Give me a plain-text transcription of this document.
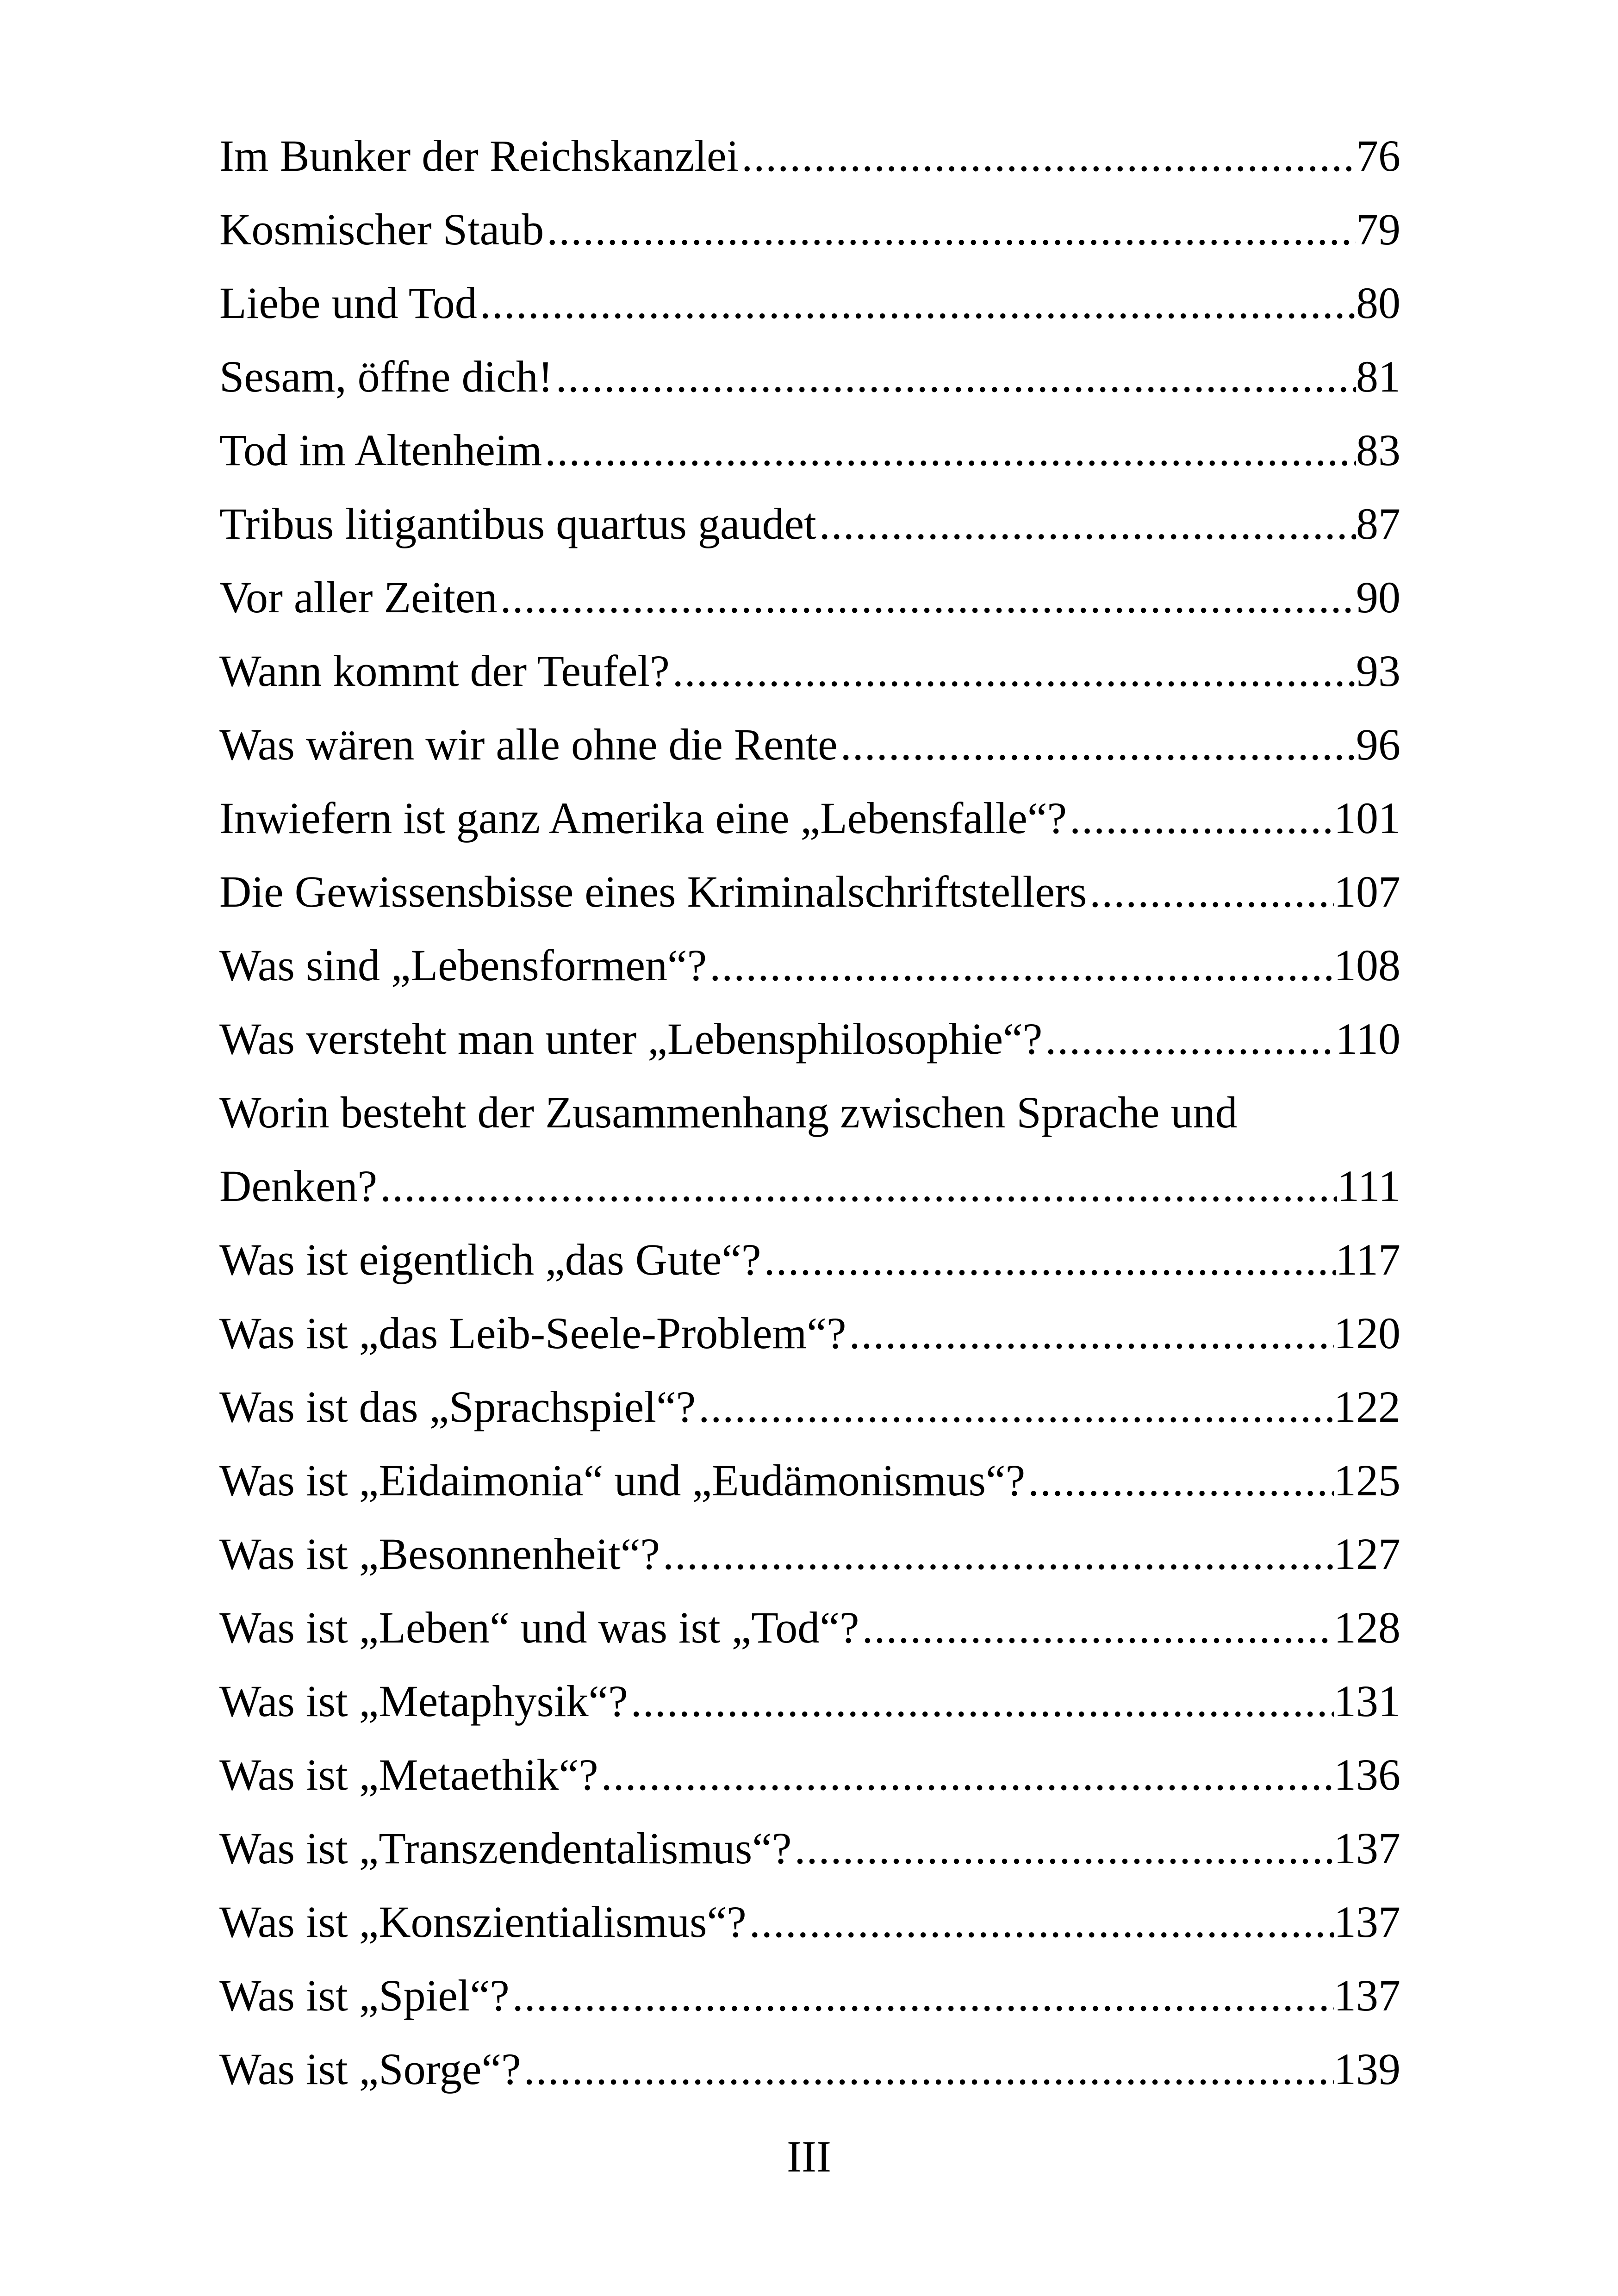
Im Bunker der Reichskanzlei .....	76
Kosmischer Staub .....	79
Liebe und Tod .....	80
Sesam, öffne dich! .....	81
Tod im Altenheim .....	83
Tribus litigantibus quartus gaudet .....	87
Vor aller Zeiten .....	90
Wann kommt der Teufel? .....	93
Was wären wir alle ohne die Rente .....	96
Inwiefern ist ganz Amerika eine „Lebensfalle“? .....	101
Die Gewissensbisse eines Kriminalschriftstellers .....	107
Was sind „Lebensformen“? .....	108
Was versteht man unter „Lebensphilosophie“? .....	110
Worin besteht der Zusammenhang zwischen Sprache und
Denken? .....	111
Was ist eigentlich „das Gute“? .....	117
Was ist „das Leib-Seele-Problem“? .....	120
Was ist das „Sprachspiel“? .....	122
Was ist „Eidaimonia“ und „Eudämonismus“? .....	125
Was ist „Besonnenheit“? .....	127
Was ist „Leben“ und was ist „Tod“? .....	128
Was ist „Metaphysik“? .....	131
Was ist „Metaethik“? .....	136
Was ist „Transzendentalismus“? .....	137
Was ist „Konszientialismus“? .....	137
Was ist „Spiel“? .....	137
Was ist „Sorge“? .....	139
III
